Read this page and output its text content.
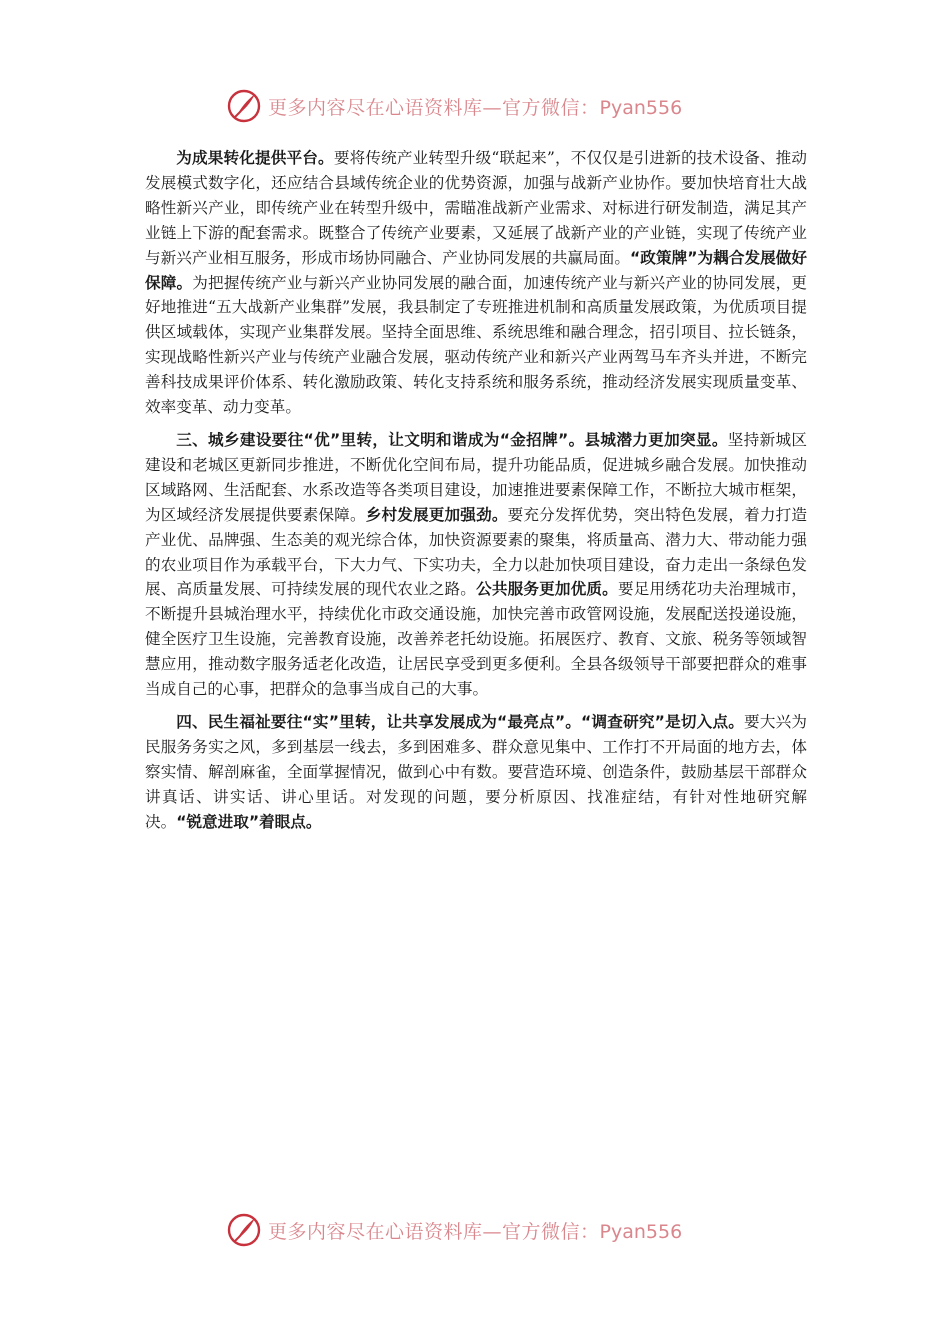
更多内容尽在心语资料库—官方微信：Pyan556

为成果转化提供平台。要将传统产业转型升级“联起来”，不仅仅是引进新的技术设备、推动发展模式数字化，还应结合县域传统企业的优势资源，加强与战新产业协作。要加快培育壮大战略性新兴产业，即传统产业在转型升级中，需瞄准战新产业需求、对标进行研发制造，满足其产业链上下游的配套需求。既整合了传统产业要素，又延展了战新产业的产业链，实现了传统产业与新兴产业相互服务，形成市场协同融合、产业协同发展的共赢局面。“政策牌”为耦合发展做好保障。为把握传统产业与新兴产业协同发展的融合面，加速传统产业与新兴产业的协同发展，更好地推进“五大战新产业集群”发展，我县制定了专班推进机制和高质量发展政策，为优质项目提供区域载体，实现产业集群发展。坚持全面思维、系统思维和融合理念，招引项目、拉长链条，实现战略性新兴产业与传统产业融合发展，驱动传统产业和新兴产业两驾马车齐头并进，不断完善科技成果评价体系、转化激励政策、转化支持系统和服务系统，推动经济发展实现质量变革、效率变革、动力变革。

三、城乡建设要往“优”里转，让文明和谐成为“金招牌”。县城潜力更加突显。坚持新城区建设和老城区更新同步推进，不断优化空间布局，提升功能品质，促进城乡融合发展。加快推动区域路网、生活配套、水系改造等各类项目建设，加速推进要素保障工作，不断拉大城市框架，为区域经济发展提供要素保障。乡村发展更加强劲。要充分发挥优势，突出特色发展，着力打造产业优、品牌强、生态美的观光综合体，加快资源要素的聚集，将质量高、潜力大、带动能力强的农业项目作为承载平台，下大力气、下实功夫，全力以赴加快项目建设，奋力走出一条绿色发展、高质量发展、可持续发展的现代农业之路。公共服务更加优质。要足用绣花功夫治理城市，不断提升县城治理水平，持续优化市政交通设施，加快完善市政管网设施，发展配送投递设施，健全医疗卫生设施，完善教育设施，改善养老托幼设施。拓展医疗、教育、文旅、税务等领域智慧应用，推动数字服务适老化改造，让居民享受到更多便利。全县各级领导干部要把群众的难事当成自己的心事，把群众的急事当成自己的大事。

四、民生福祉要往“实”里转，让共享发展成为“最亮点”。“调查研究”是切入点。要大兴为民服务务实之风，多到基层一线去，多到困难多、群众意见集中、工作打不开局面的地方去，体察实情、解剖麻雀，全面掌握情况，做到心中有数。要营造环境、创造条件，鼓励基层干部群众讲真话、讲实话、讲心里话。对发现的问题，要分析原因、找准症结，有针对性地研究解决。“锐意进取”着眼点。

更多内容尽在心语资料库—官方微信：Pyan556
